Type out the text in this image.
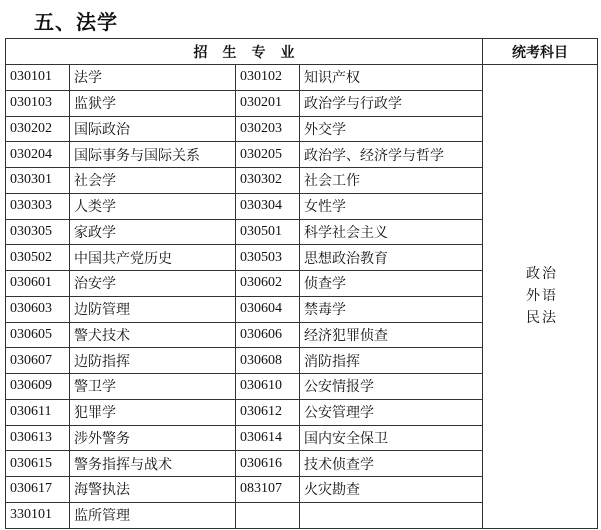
五、法学
招生专业				统考科目
030101	法学	030102	知识产权	政治
外语
民法

030103	监狱学	030201	政治学与行政学	
030202	国际政治	030203	外交学	
030204	国际事务与国际关系	030205	政治学、经济学与哲学	
030301	社会学	030302	社会工作	
030303	人类学	030304	女性学	
030305	家政学	030501	科学社会主义	
030502	中国共产党历史	030503	思想政治教育	
030601	治安学	030602	侦查学	
030603	边防管理	030604	禁毒学	
030605	警犬技术	030606	经济犯罪侦查	
030607	边防指挥	030608	消防指挥	
030609	警卫学	030610	公安情报学	
030611	犯罪学	030612	公安管理学	
030613	涉外警务	030614	国内安全保卫	
030615	警务指挥与战术	030616	技术侦查学	
030617	海警执法	083107	火灾勘查	
330101	监所管理			
